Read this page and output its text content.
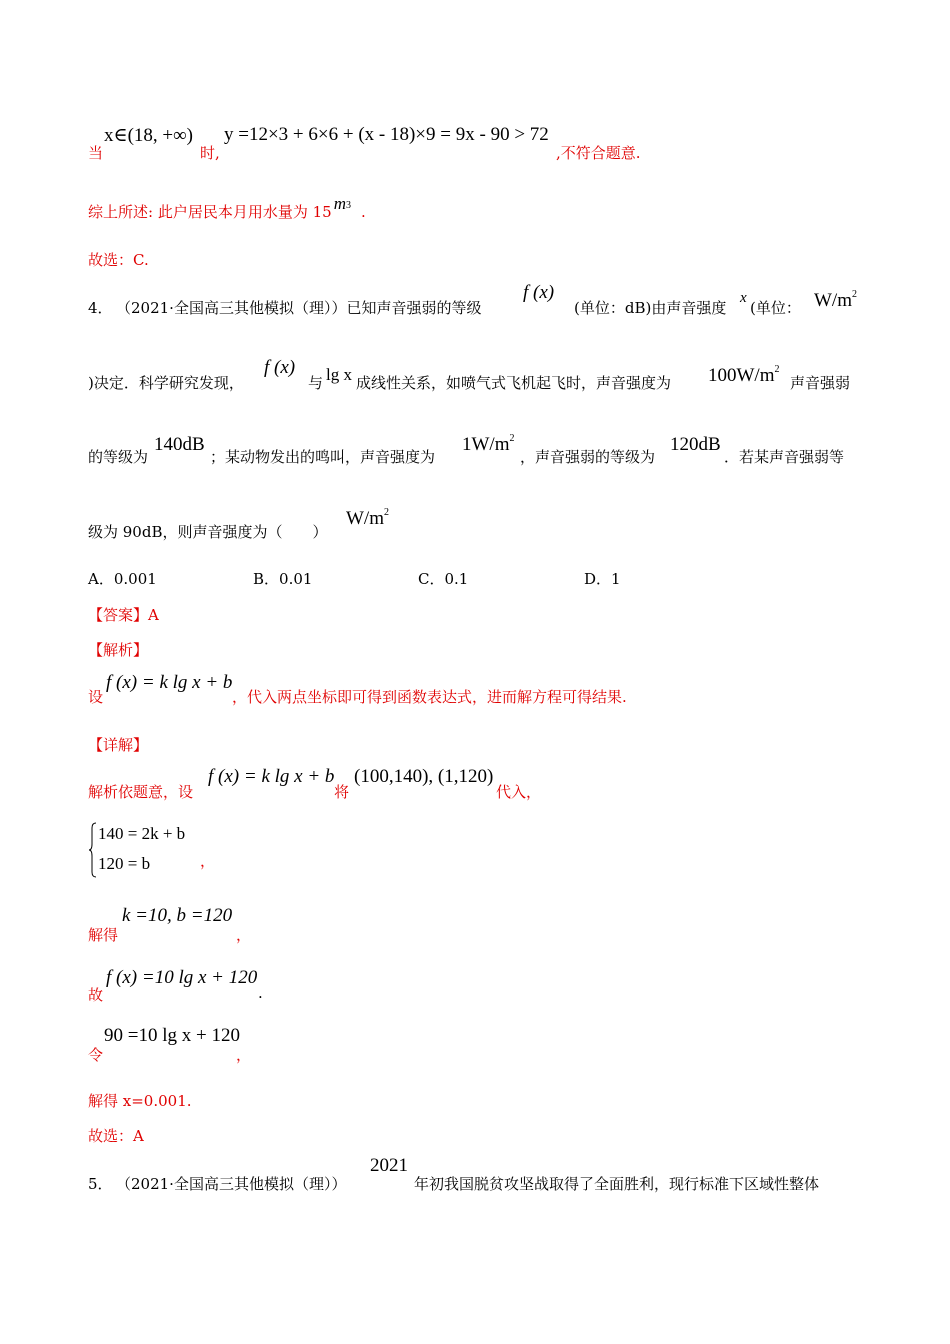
当
x∈(18, +∞)
时,
y =12×3 + 6×6 + (x - 18)×9 = 9x - 90 > 72
,不符合题意.
综上所述: 此户居民本月用水量为 15 $m^3$ .
故选：C.
4． （2021·全国高三其他模拟（理））已知声音强弱的等级
f (x)
(单位：dB)由声音强度
x
(单位： $W/m^2$
)决定．科学研究发现，
f (x)
与 lg x 成线性关系，如喷气式飞机起飞时，声音强度为 $100W/m^2$
声音强弱
的等级为
140dB
；某动物发出的鸣叫，声音强度为
$1W/m^2$
，声音强弱的等级为
120dB
．若某声音强弱等
级为 90dB，则声音强度为（　　）
$W/m^2$
A．0.001	B．0.01	C．0.1	D．1
【答案】A
【解析】
设
f (x) = k lg x + b
，代入两点坐标即可得到函数表达式，进而解方程可得结果.
【详解】
解析依题意，设
f (x) = k lg x + b
将
(100,140), (1,120)
代入，
140 = 2k + b
120 = b	，
解得
k =10, b =120
，
故
f (x) =10 lg x + 120
.
令
90 =10 lg x + 120
，
解得 x=0.001.
故选：A
5． （2021·全国高三其他模拟（理））
2021
年初我国脱贫攻坚战取得了全面胜利，现行标准下区域性整体
